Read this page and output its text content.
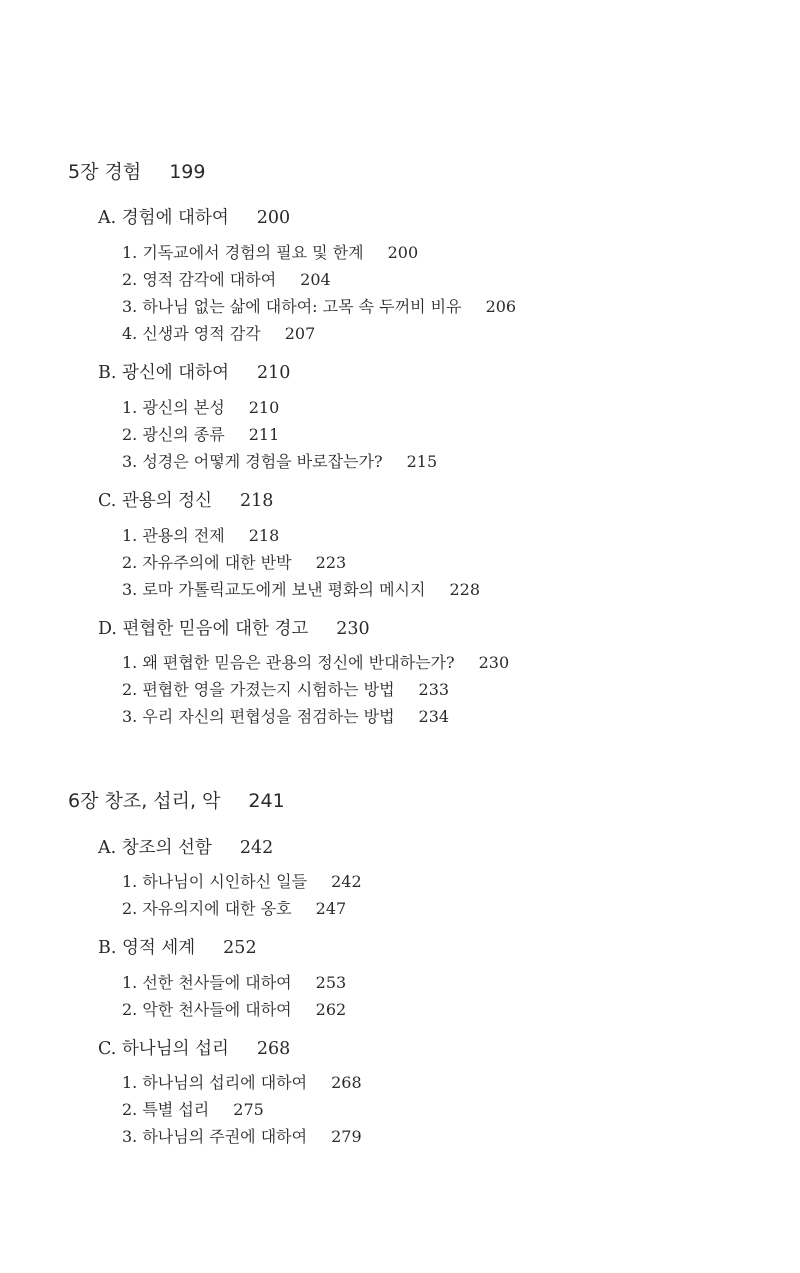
5장 경험 199
A. 경험에 대하여 200
1. 기독교에서 경험의 필요 및 한계 200
2. 영적 감각에 대하여 204
3. 하나님 없는 삶에 대하여: 고목 속 두꺼비 비유 206
4. 신생과 영적 감각 207
B. 광신에 대하여 210
1. 광신의 본성 210
2. 광신의 종류 211
3. 성경은 어떻게 경험을 바로잡는가? 215
C. 관용의 정신 218
1. 관용의 전제 218
2. 자유주의에 대한 반박 223
3. 로마 가톨릭교도에게 보낸 평화의 메시지 228
D. 편협한 믿음에 대한 경고 230
1. 왜 편협한 믿음은 관용의 정신에 반대하는가? 230
2. 편협한 영을 가졌는지 시험하는 방법 233
3. 우리 자신의 편협성을 점검하는 방법 234
6장 창조, 섭리, 악 241
A. 창조의 선함 242
1. 하나님이 시인하신 일들 242
2. 자유의지에 대한 옹호 247
B. 영적 세계 252
1. 선한 천사들에 대하여 253
2. 악한 천사들에 대하여 262
C. 하나님의 섭리 268
1. 하나님의 섭리에 대하여 268
2. 특별 섭리 275
3. 하나님의 주권에 대하여 279
